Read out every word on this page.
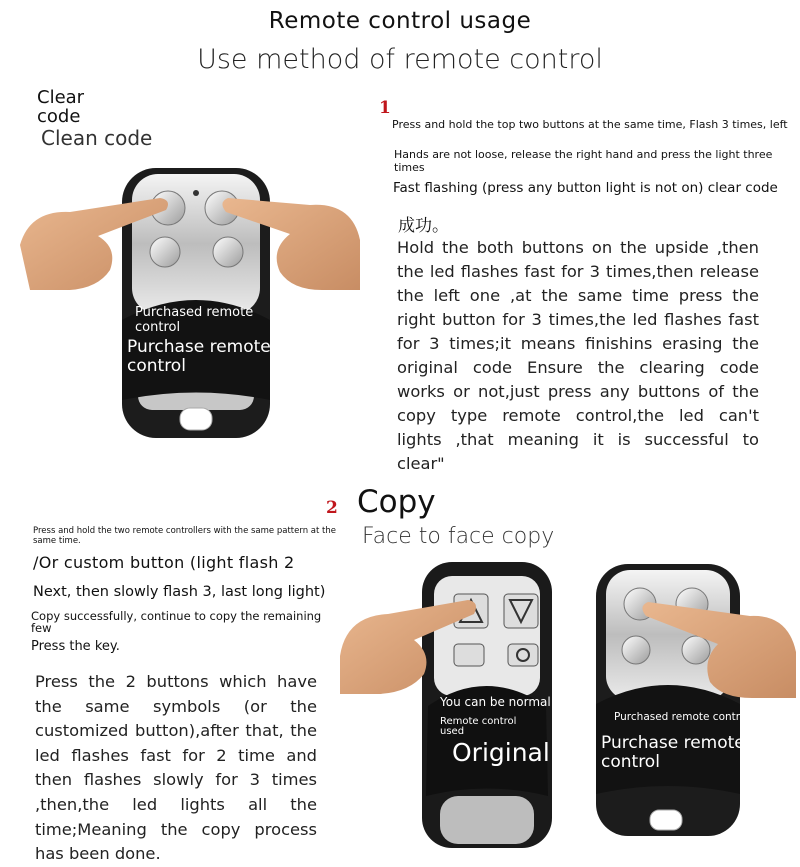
Remote control usage
Use method of remote control
Clear code
Clean code
1
Press and hold the top two buttons at the same time, Flash 3 times, left
Hands are not loose, release the right hand and press the light three times
Fast flashing (press any button light is not on) clear code
成功。
Hold the both buttons on the upside ,then the led flashes fast for 3 times,then release the left one ,at the same time press the right button for 3 times,the led flashes fast for 3 times;it means finishins erasing the original code Ensure the clearing code works or not,just press any buttons of the copy type remote control,the led can't lights ,that meaning it is successful to clear"
Purchased remote control
Purchase remote control
2 Copy
Face to face copy
Press and hold the two remote controllers with the same pattern at the same time.
/Or custom button (light flash 2
Next, then slowly flash 3, last long light)
Copy successfully, continue to copy the remaining few
Press the key.
Press the 2 buttons which have the same symbols (or the customized button),after that, the led flashes fast for 2 time and then flashes slowly for 3 times ,then,the led lights all the time;Meaning the copy process has been done.
You can be normal
Remote control used
Original
Purchased remote control
Purchase remote control
